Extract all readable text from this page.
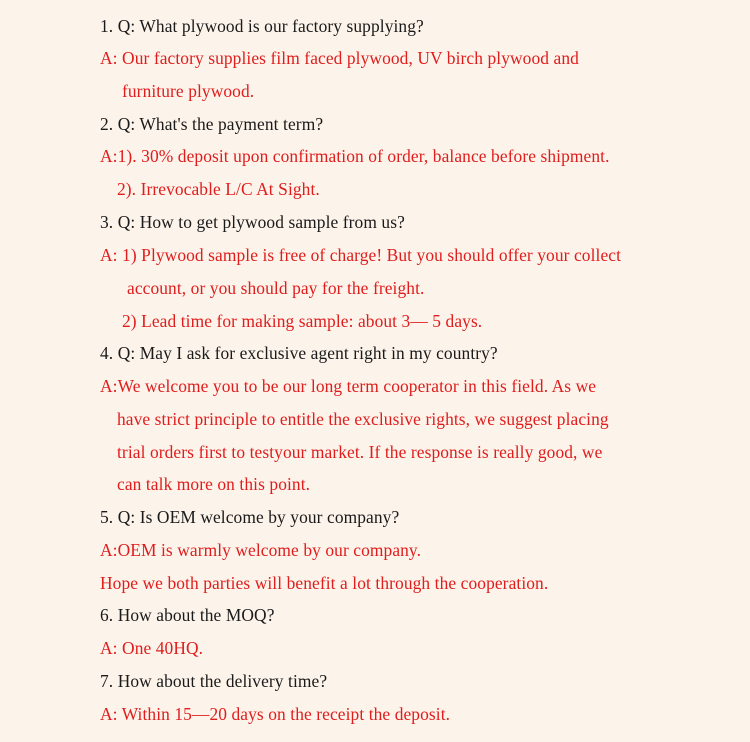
1. Q: What plywood is our factory supplying?
A: Our factory supplies film faced plywood, UV birch plywood and
furniture plywood.
2. Q: What's the payment term?
A:1). 30% deposit upon confirmation of order, balance before shipment.
2). Irrevocable L/C At Sight.
3. Q: How to get plywood sample from us?
A: 1) Plywood sample is free of charge! But you should offer your collect
account, or you should pay for the freight.
2) Lead time for making sample: about 3— 5 days.
4. Q: May I ask for exclusive agent right in my country?
A:We welcome you to be our long term cooperator in this field. As we
have strict principle to entitle the exclusive rights, we suggest placing
trial orders first to testyour market. If the response is really good, we
can talk more on this point.
5. Q: Is OEM welcome by your company?
A:OEM is warmly welcome by our company.
Hope we both parties will benefit a lot through the cooperation.
6. How about the MOQ?
A: One 40HQ.
7. How about the delivery time?
A: Within 15—20 days on the receipt the deposit.
